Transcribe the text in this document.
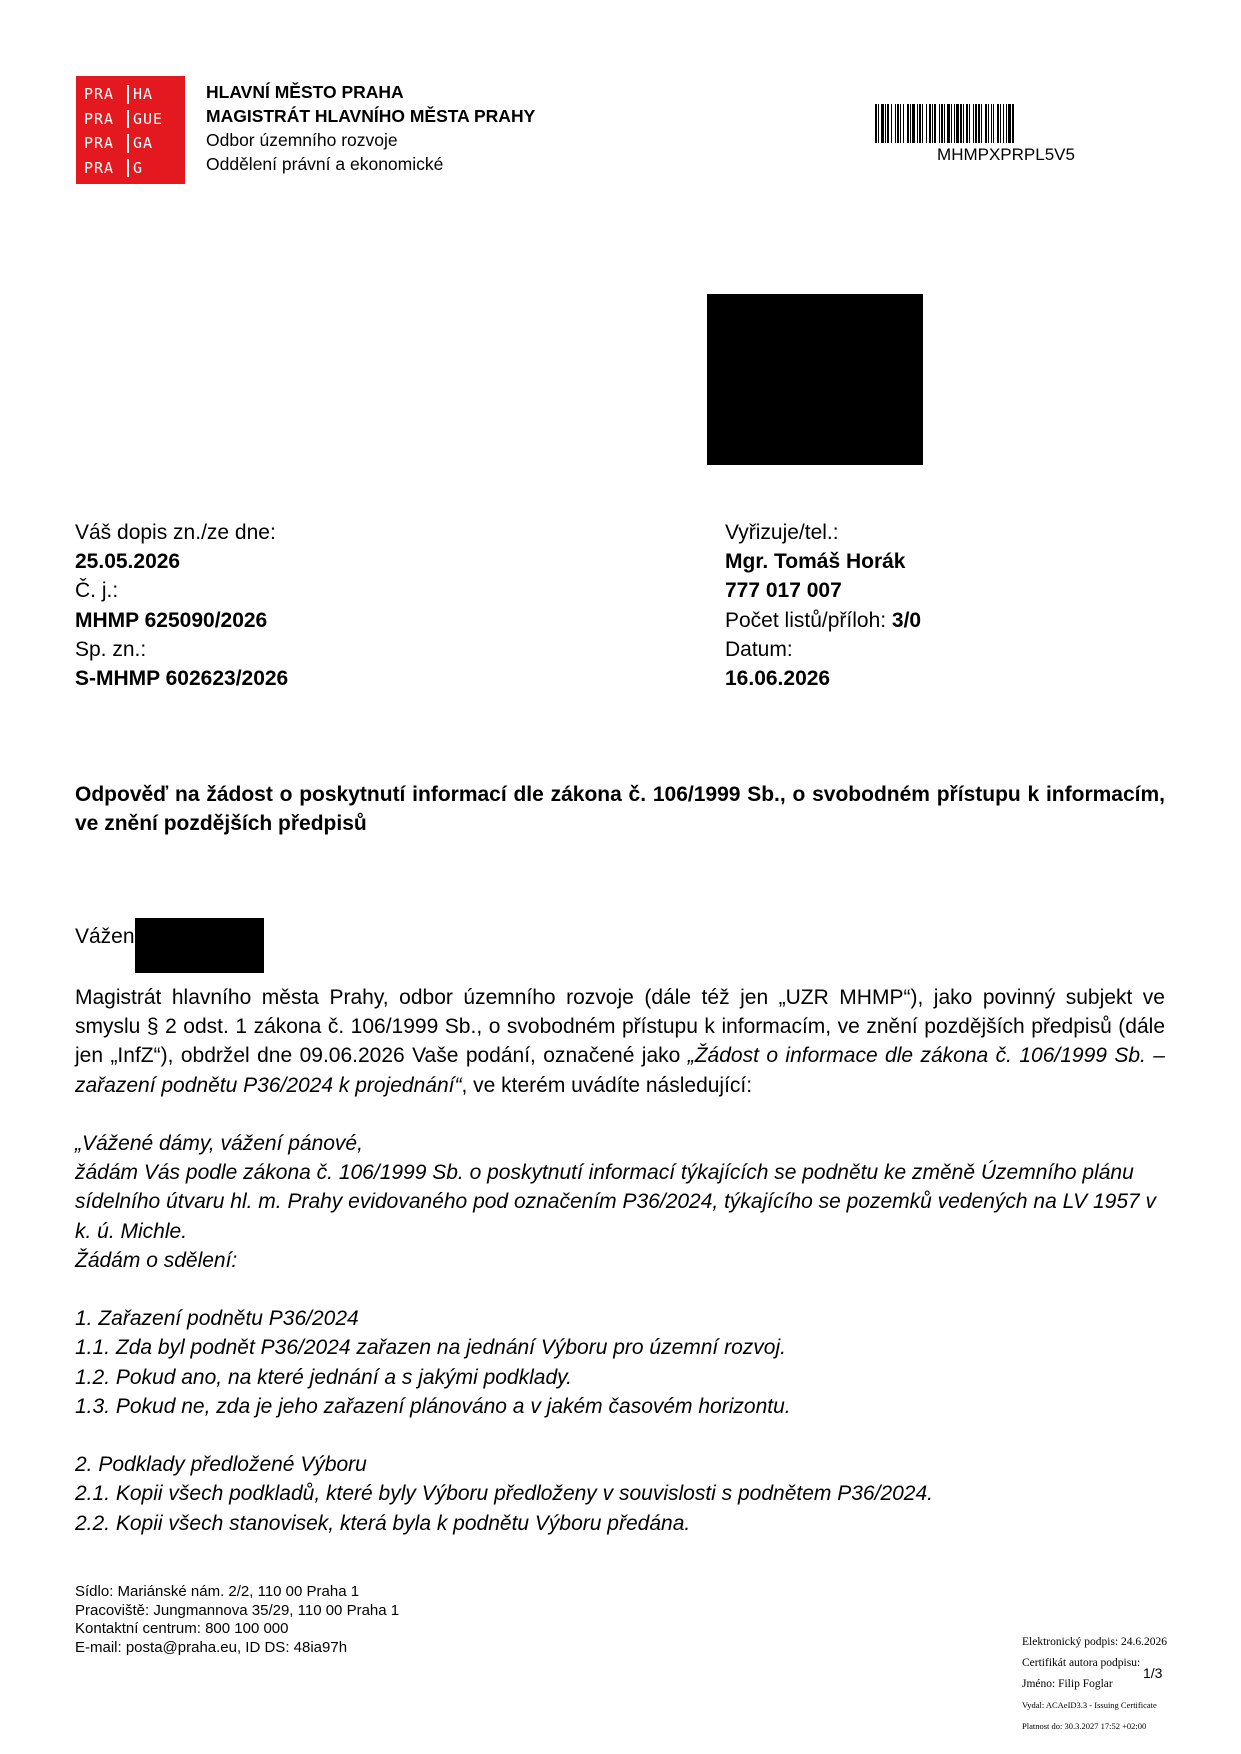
PRA	HA
PRA	GUE
PRA	GA
PRA	G
HLAVNÍ MĚSTO PRAHA
MAGISTRÁT HLAVNÍHO MĚSTA PRAHY
Odbor územního rozvoje
Oddělení právní a ekonomické	MHMPXPRPL5V5
Váš dopis zn./ze dne:
25.05.2026
Č. j.:
MHMP 625090/2026
Sp. zn.:
S-MHMP 602623/2026
Vyřizuje/tel.:
Mgr. Tomáš Horák
777 017 007
Počet listů/příloh: 3/0
Datum:
16.06.2026
Odpověď na žádost o poskytnutí informací dle zákona č. 106/1999 Sb., o svobodném přístupu k informacím, ve znění pozdějších předpisů
Vážen
Magistrát hlavního města Prahy, odbor územního rozvoje (dále též jen „UZR MHMP“), jako povinný subjekt ve smyslu § 2 odst. 1 zákona č. 106/1999 Sb., o svobodném přístupu k informacím, ve znění pozdějších předpisů (dále jen „InfZ“), obdržel dne 09.06.2026 Vaše podání, označené jako „Žádost o informace dle zákona č. 106/1999 Sb. – zařazení podnětu P36/2024 k projednání“, ve kterém uvádíte následující:

„Vážené dámy, vážení pánové,

žádám Vás podle zákona č. 106/1999 Sb. o poskytnutí informací týkajících se podnětu ke změně Územního plánu sídelního útvaru hl. m. Prahy evidovaného pod označením P36/2024, týkajícího se pozemků vedených na LV 1957 v k. ú. Michle.

Žádám o sdělení:

1. Zařazení podnětu P36/2024

1.1. Zda byl podnět P36/2024 zařazen na jednání Výboru pro územní rozvoj.

1.2. Pokud ano, na které jednání a s jakými podklady.

1.3. Pokud ne, zda je jeho zařazení plánováno a v jakém časovém horizontu.

2. Podklady předložené Výboru

2.1. Kopii všech podkladů, které byly Výboru předloženy v souvislosti s podnětem P36/2024.

2.2. Kopii všech stanovisek, která byla k podnětu Výboru předána.

Sídlo: Mariánské nám. 2/2, 110 00 Praha 1
Pracoviště: Jungmannova 35/29, 110 00 Praha 1
Kontaktní centrum: 800 100 000
E-mail: posta@praha.eu, ID DS: 48ia97h	Elektronický podpis: 24.6.2026
Certifikát autora podpisu:
Jméno: Filip Foglar
Vydal: ACAeID3.3 - Issuing Certificate
Platnost do: 30.3.2027 17:52 +02:00
1/3
